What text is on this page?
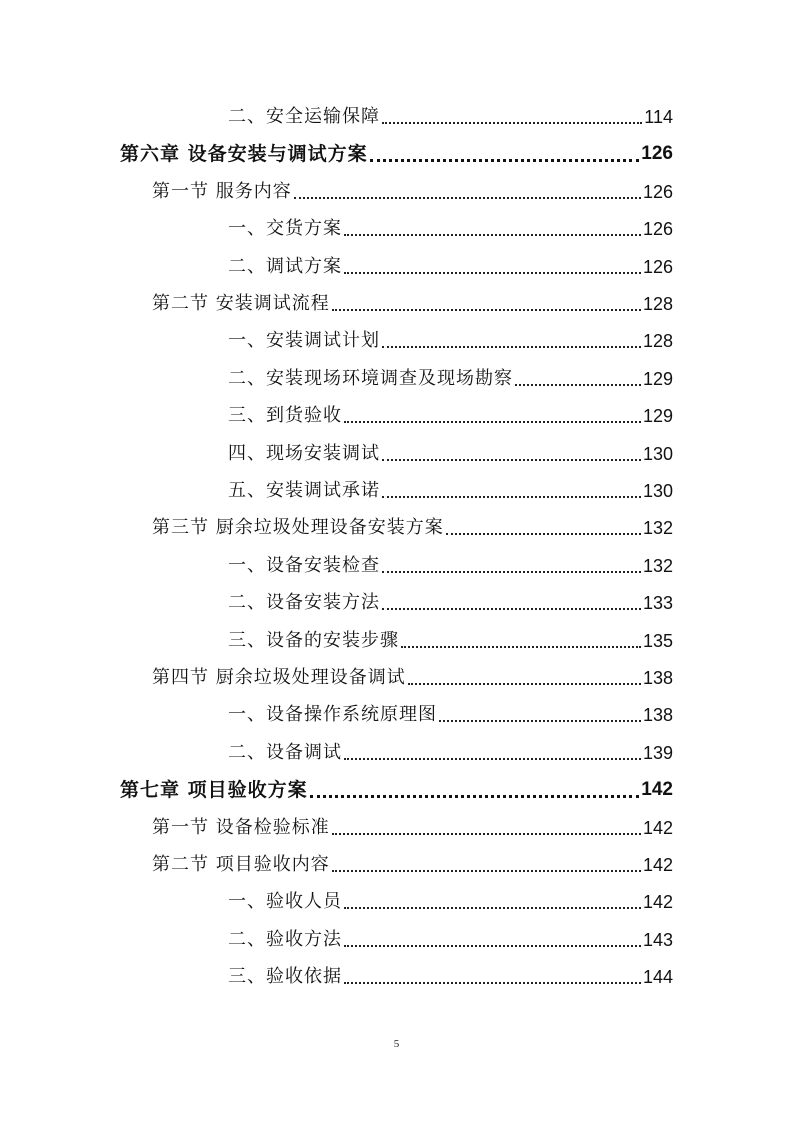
二、安全运输保障	114
第六章 设备安装与调试方案	126
第一节 服务内容	126
一、交货方案	126
二、调试方案	126
第二节 安装调试流程	128
一、安装调试计划	128
二、安装现场环境调查及现场勘察	129
三、到货验收	129
四、现场安装调试	130
五、安装调试承诺	130
第三节 厨余垃圾处理设备安装方案	132
一、设备安装检查	132
二、设备安装方法	133
三、设备的安装步骤	135
第四节 厨余垃圾处理设备调试	138
一、设备操作系统原理图	138
二、设备调试	139
第七章 项目验收方案	142
第一节 设备检验标准	142
第二节 项目验收内容	142
一、验收人员	142
二、验收方法	143
三、验收依据	144
5
